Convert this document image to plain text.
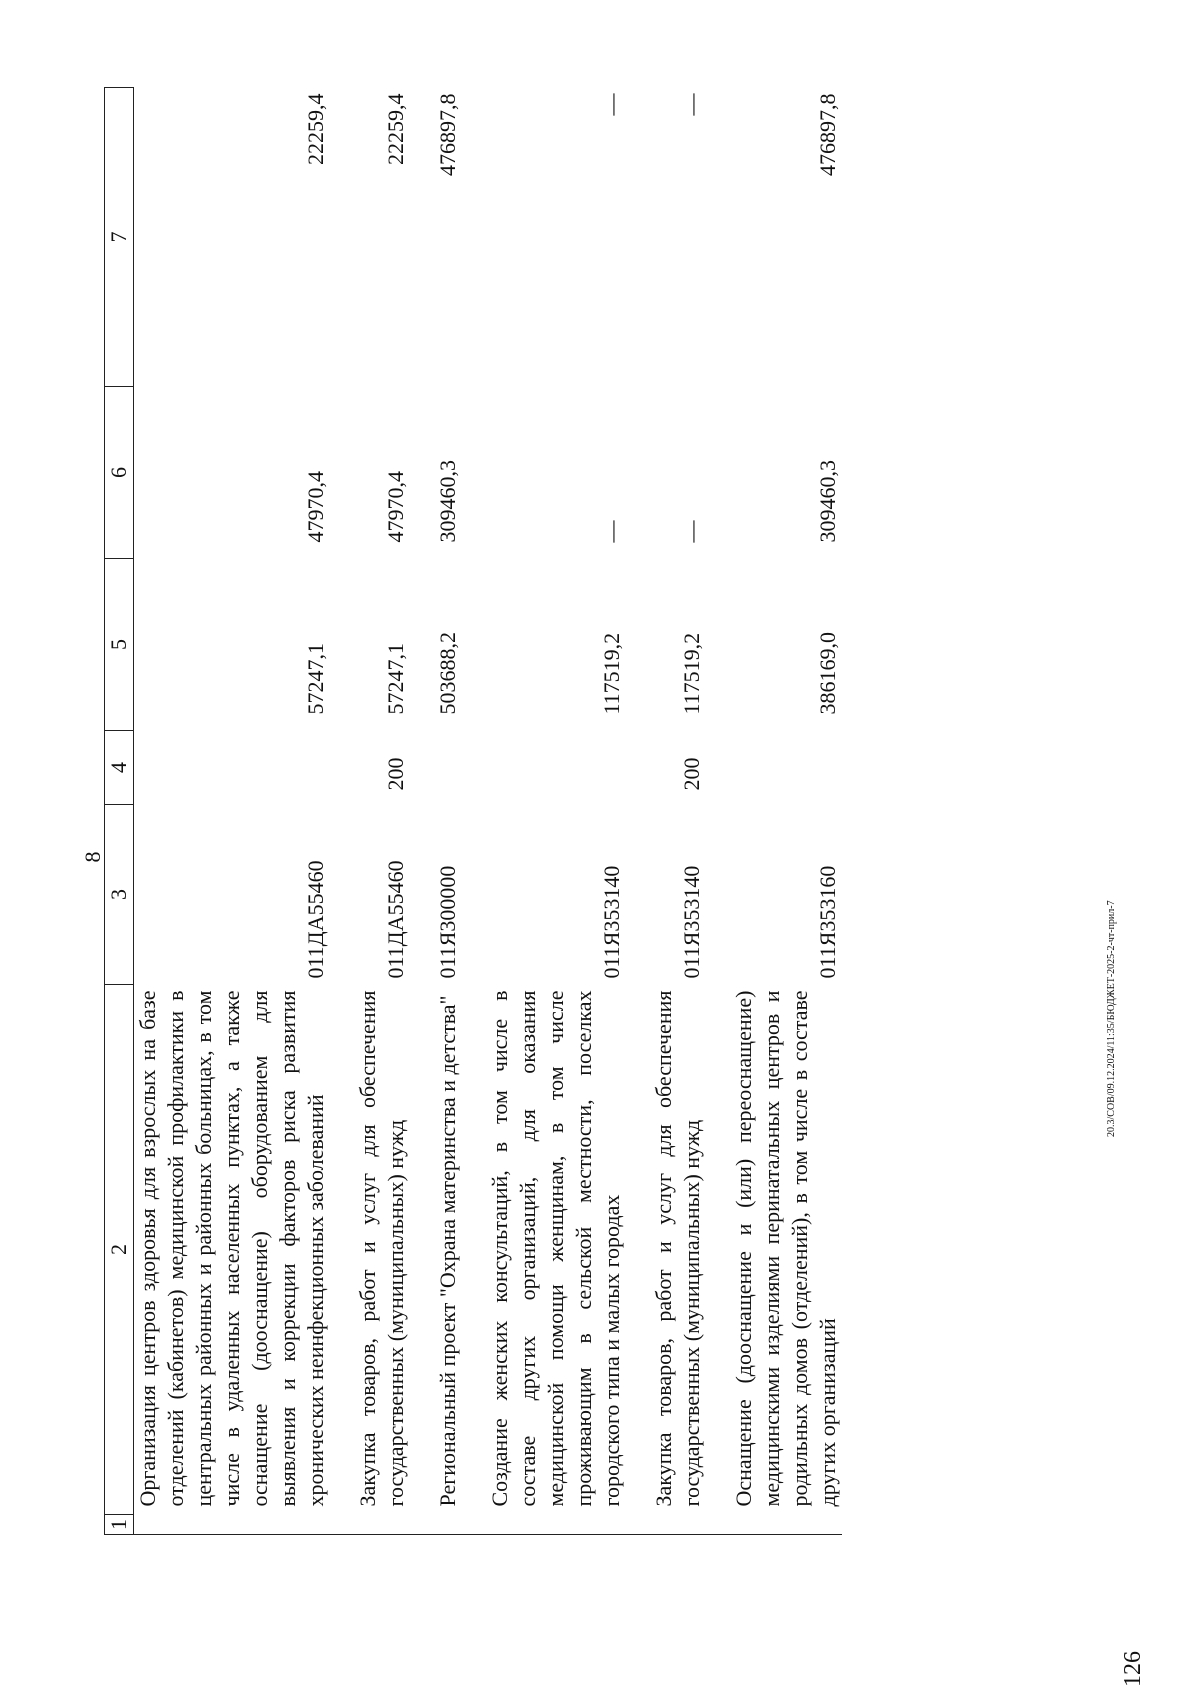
8
1	2	3	4	5	6	7
	Организация центров здоровья для взрослых на базе отделений (кабинетов) медицинской профилактики в центральных районных и районных больницах, в том числе в удаленных населенных пунктах, а также оснащение (дооснащение) оборудованием для выявления и коррекции факторов риска развития хронических неинфекционных заболеваний	011ДА55460		57247,1	47970,4	22259,4

	Закупка товаров, работ и услуг для обеспечения государственных (муниципальных) нужд	011ДА55460	200	57247,1	47970,4	22259,4

	Региональный проект "Охрана материнства и детства"	011Я300000		503688,2	309460,3	476897,8

	Создание женских консультаций, в том числе в составе других организаций, для оказания медицинской помощи женщинам, в том числе проживающим в сельской местности, поселках городского типа и малых городах	011Я353140		117519,2	—	—

	Закупка товаров, работ и услуг для обеспечения государственных (муниципальных) нужд	011Я353140	200	117519,2	—	—

	Оснащение (дооснащение и (или) переоснащение) медицинскими изделиями перинатальных центров и родильных домов (отделений), в том числе в составе других организаций	011Я353160		386169,0	309460,3	476897,8
20.3/СОВ/09.12.2024/11:35/БЮДЖЕТ-2025-2-чт-прил-7
126
